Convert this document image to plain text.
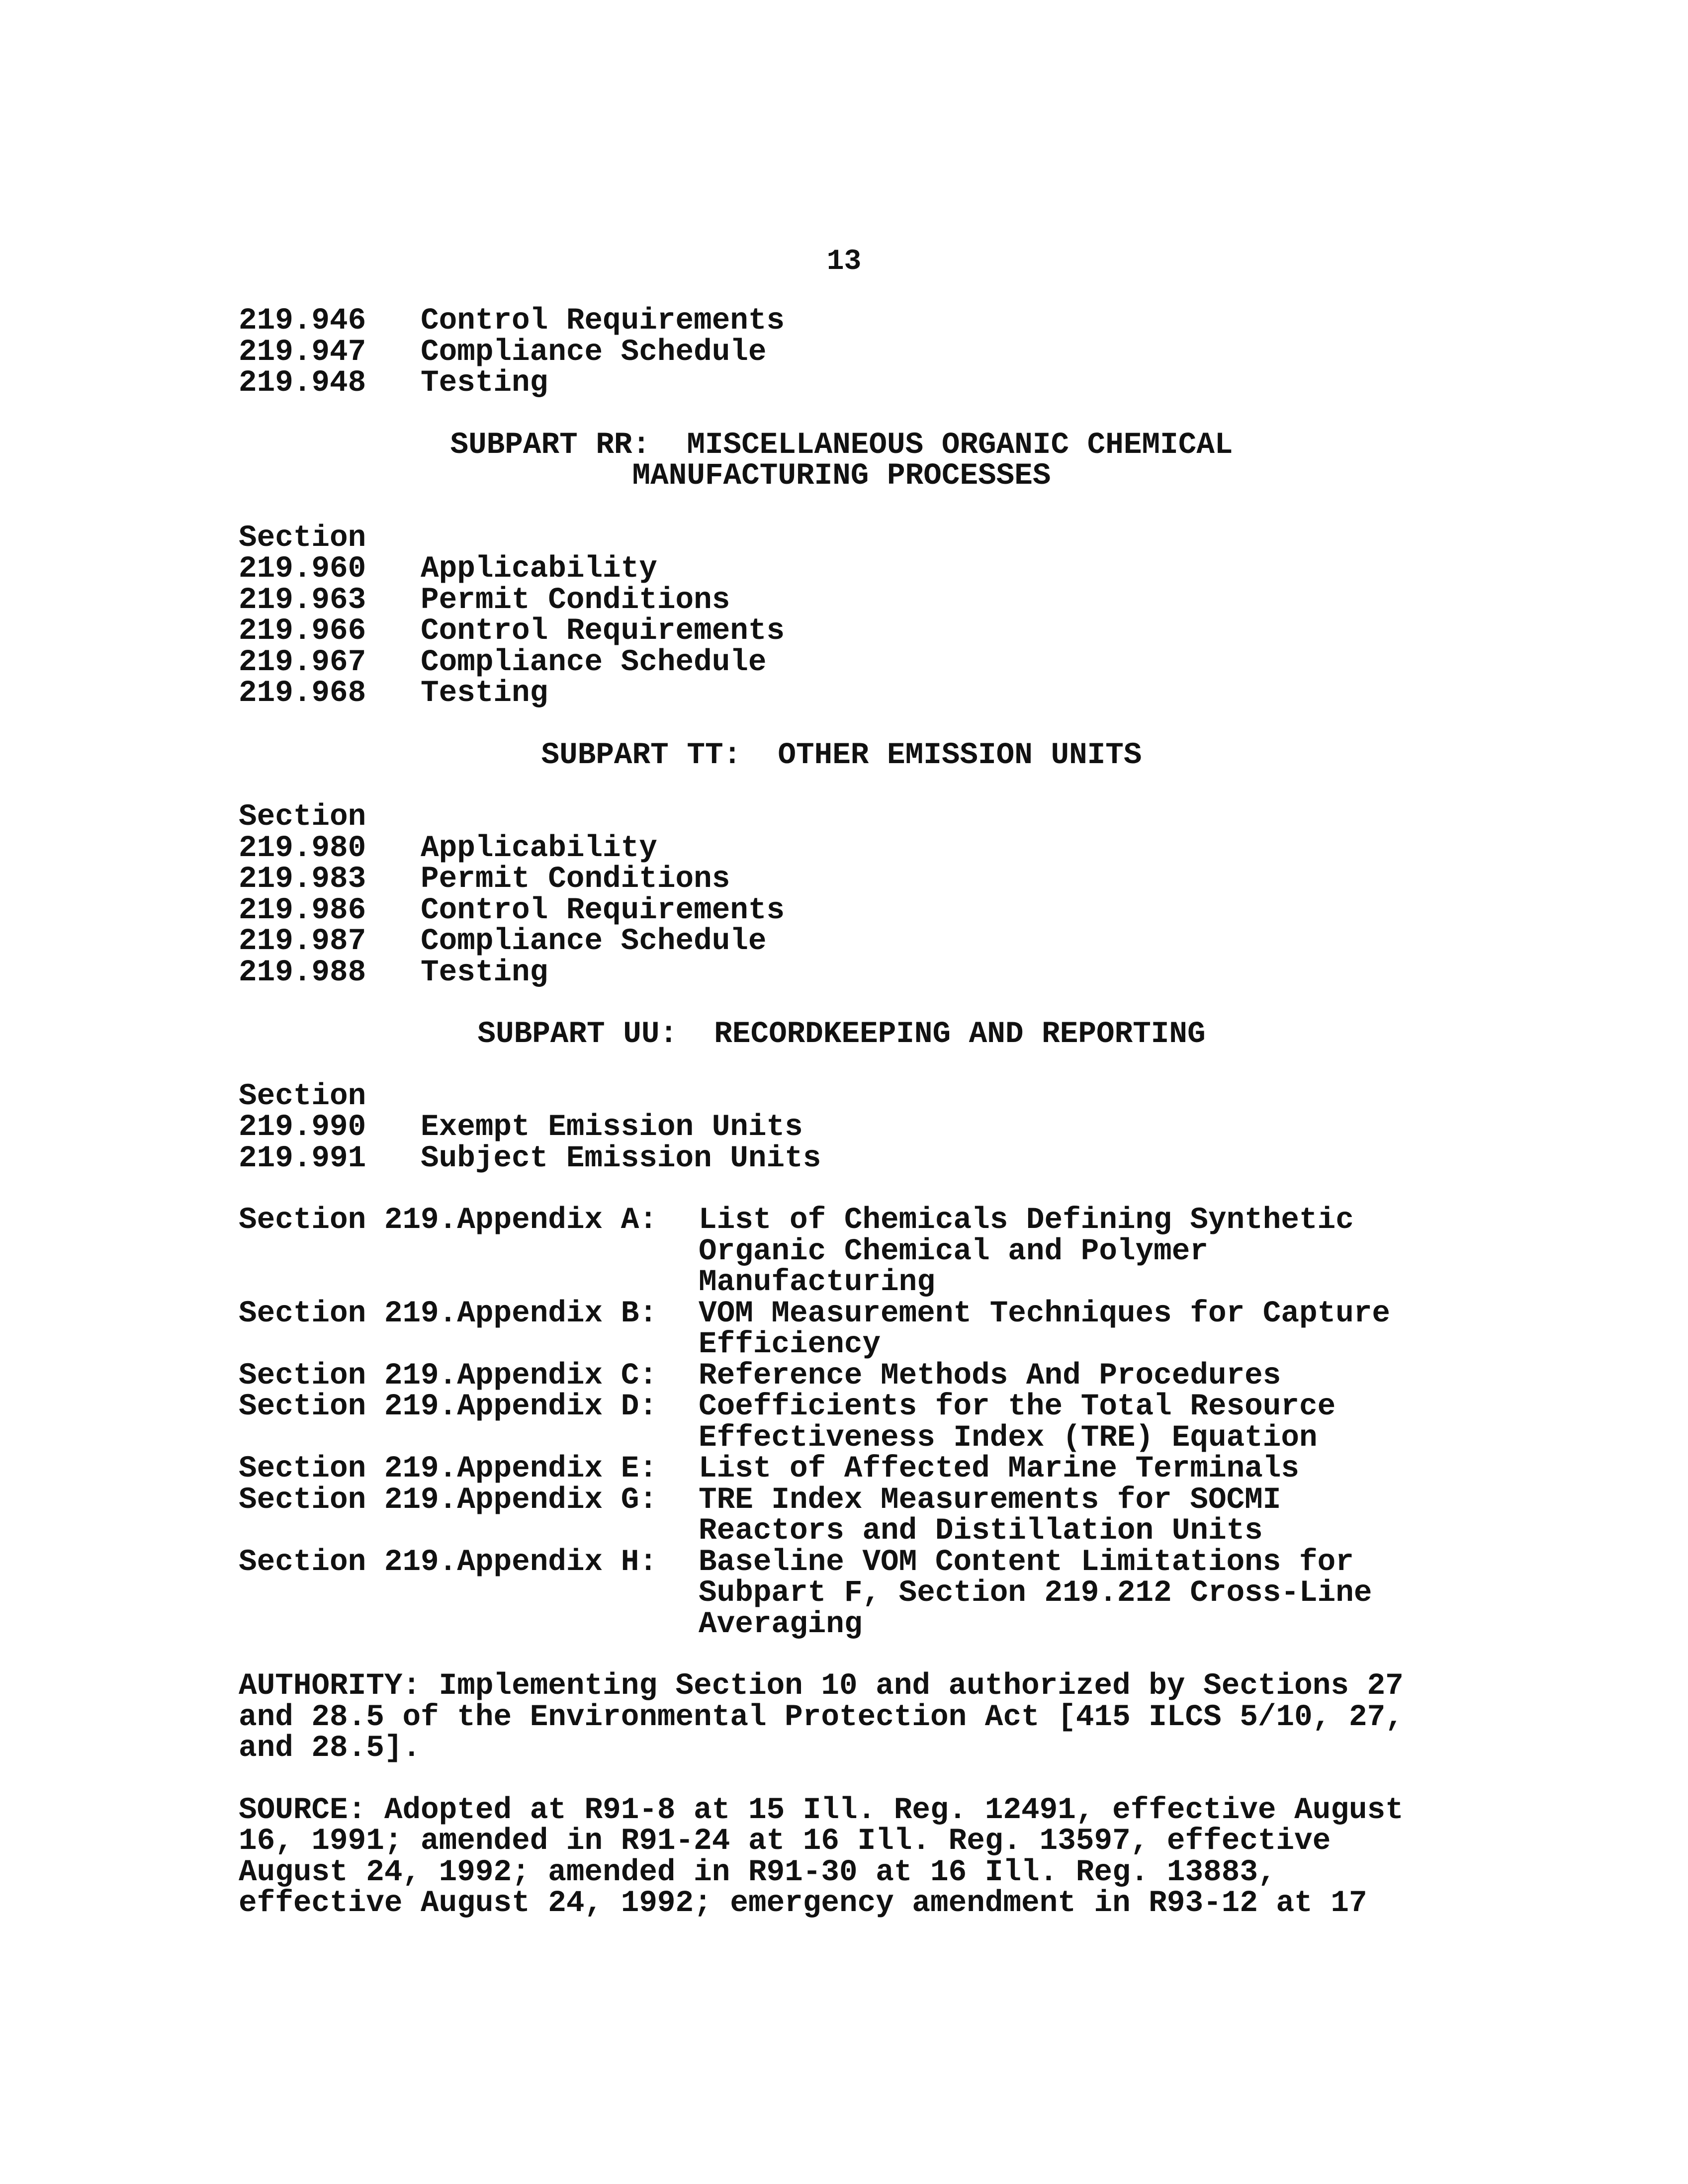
13
219.946	Control Requirements
219.947	Compliance Schedule
219.948	Testing
SUBPART RR:  MISCELLANEOUS ORGANIC CHEMICAL
MANUFACTURING PROCESSES
Section
219.960	Applicability
219.963	Permit Conditions
219.966	Control Requirements
219.967	Compliance Schedule
219.968	Testing
SUBPART TT:  OTHER EMISSION UNITS
Section
219.980	Applicability
219.983	Permit Conditions
219.986	Control Requirements
219.987	Compliance Schedule
219.988	Testing
SUBPART UU:  RECORDKEEPING AND REPORTING
Section
219.990	Exempt Emission Units
219.991	Subject Emission Units
Section 219.Appendix A:	List of Chemicals Defining Synthetic
Organic Chemical and Polymer
Manufacturing
Section 219.Appendix B:	VOM Measurement Techniques for Capture
Efficiency
Section 219.Appendix C:	Reference Methods And Procedures
Section 219.Appendix D:	Coefficients for the Total Resource
Effectiveness Index (TRE) Equation
Section 219.Appendix E:	List of Affected Marine Terminals
Section 219.Appendix G:	TRE Index Measurements for SOCMI
Reactors and Distillation Units
Section 219.Appendix H:	Baseline VOM Content Limitations for
Subpart F, Section 219.212 Cross-Line
Averaging
AUTHORITY: Implementing Section 10 and authorized by Sections 27
and 28.5 of the Environmental Protection Act [415 ILCS 5/10, 27,
and 28.5].
SOURCE: Adopted at R91-8 at 15 Ill. Reg. 12491, effective August
16, 1991; amended in R91-24 at 16 Ill. Reg. 13597, effective
August 24, 1992; amended in R91-30 at 16 Ill. Reg. 13883,
effective August 24, 1992; emergency amendment in R93-12 at 17
